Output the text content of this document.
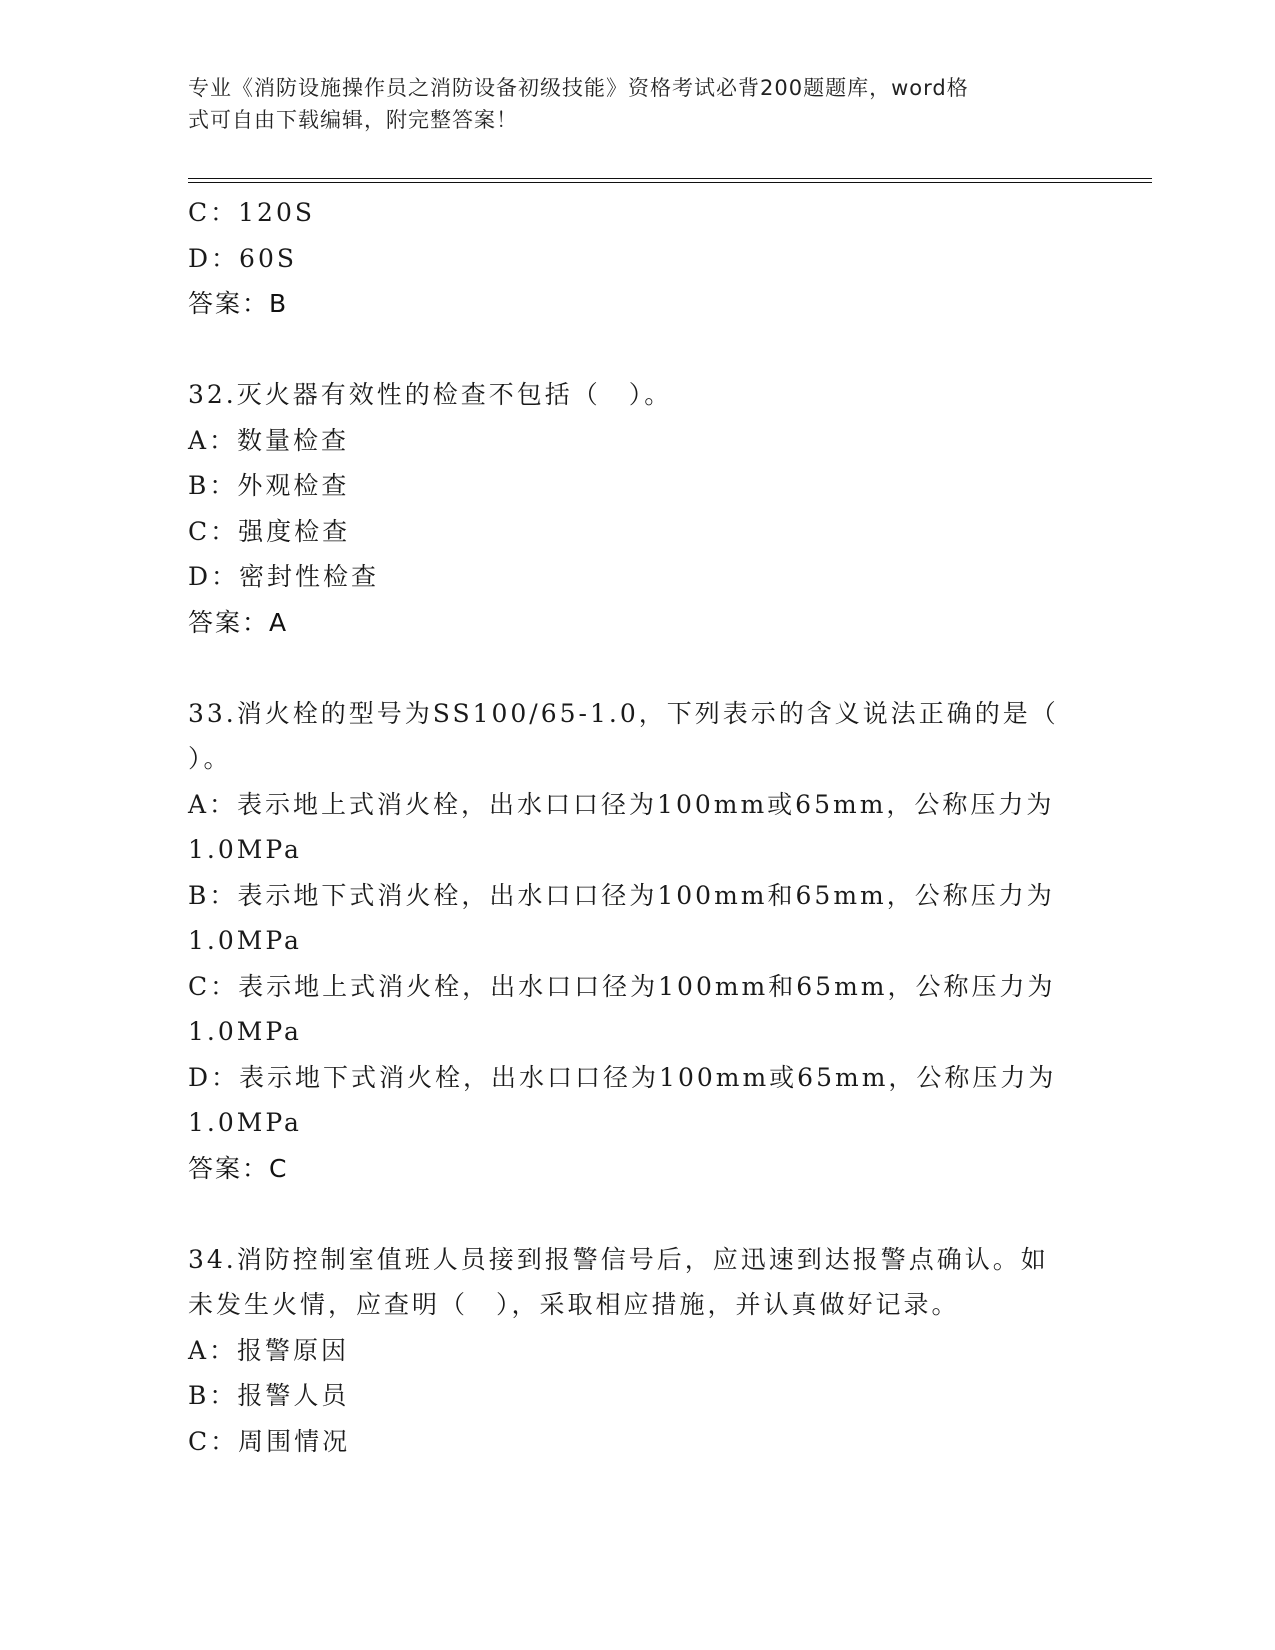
专业《消防设施操作员之消防设备初级技能》资格考试必背200题题库，word格
式可自由下载编辑，附完整答案！
C：120S
D：60S
答案：B
32.灭火器有效性的检查不包括（　）。
A：数量检查
B：外观检查
C：强度检查
D：密封性检查
答案：A
33.消火栓的型号为SS100/65-1.0，下列表示的含义说法正确的是（
）。
A：表示地上式消火栓，出水口口径为100mm或65mm，公称压力为
1.0MPa
B：表示地下式消火栓，出水口口径为100mm和65mm，公称压力为
1.0MPa
C：表示地上式消火栓，出水口口径为100mm和65mm，公称压力为
1.0MPa
D：表示地下式消火栓，出水口口径为100mm或65mm，公称压力为
1.0MPa
答案：C
34.消防控制室值班人员接到报警信号后，应迅速到达报警点确认。如
未发生火情，应查明（　），采取相应措施，并认真做好记录。
A：报警原因
B：报警人员
C：周围情况
